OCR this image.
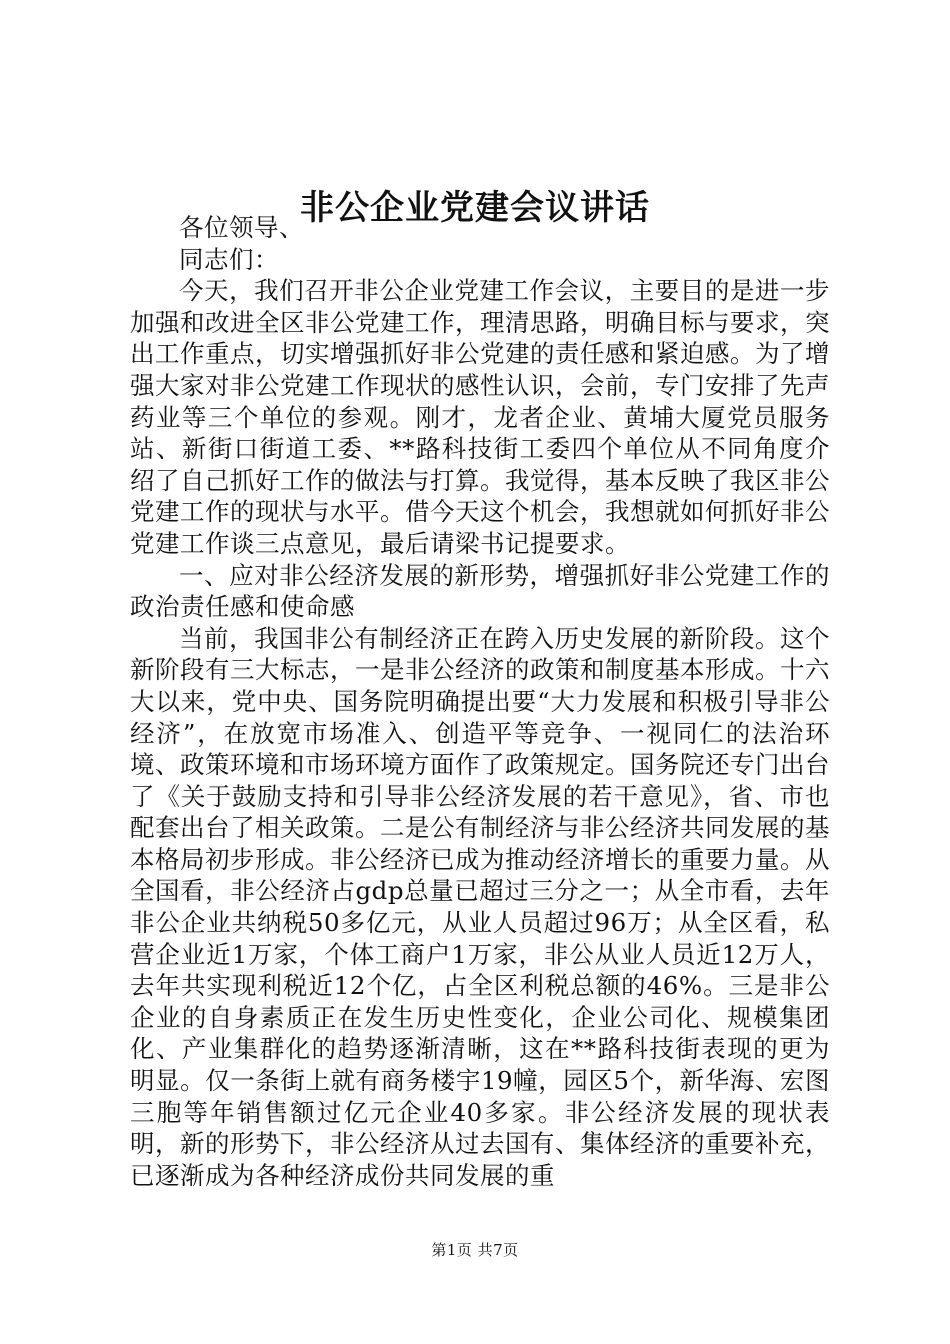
非公企业党建会议讲话

各位领导、

同志们：

今天，我们召开非公企业党建工作会议，主要目的是进一步加强和改进全区非公党建工作，理清思路，明确目标与要求，突出工作重点，切实增强抓好非公党建的责任感和紧迫感。为了增强大家对非公党建工作现状的感性认识，会前，专门安排了先声药业等三个单位的参观。刚才，龙者企业、黄埔大厦党员服务站、新街口街道工委、**路科技街工委四个单位从不同角度介绍了自己抓好工作的做法与打算。我觉得，基本反映了我区非公党建工作的现状与水平。借今天这个机会，我想就如何抓好非公党建工作谈三点意见，最后请梁书记提要求。

一、应对非公经济发展的新形势，增强抓好非公党建工作的政治责任感和使命感

当前，我国非公有制经济正在跨入历史发展的新阶段。这个新阶段有三大标志，一是非公经济的政策和制度基本形成。十六大以来，党中央、国务院明确提出要“大力发展和积极引导非公经济”，在放宽市场准入、创造平等竞争、一视同仁的法治环境、政策环境和市场环境方面作了政策规定。国务院还专门出台了《关于鼓励支持和引导非公经济发展的若干意见》，省、市也配套出台了相关政策。二是公有制经济与非公经济共同发展的基本格局初步形成。非公经济已成为推动经济增长的重要力量。从全国看，非公经济占gdp总量已超过三分之一；从全市看，去年非公企业共纳税50多亿元，从业人员超过96万；从全区看，私营企业近1万家，个体工商户1万家，非公从业人员近12万人，去年共实现利税近12个亿，占全区利税总额的46%。三是非公企业的自身素质正在发生历史性变化，企业公司化、规模集团化、产业集群化的趋势逐渐清晰，这在**路科技街表现的更为明显。仅一条街上就有商务楼宇19幢，园区5个，新华海、宏图三胞等年销售额过亿元企业40多家。非公经济发展的现状表明，新的形势下，非公经济从过去国有、集体经济的重要补充，已逐渐成为各种经济成份共同发展的重

第1页 共7页
